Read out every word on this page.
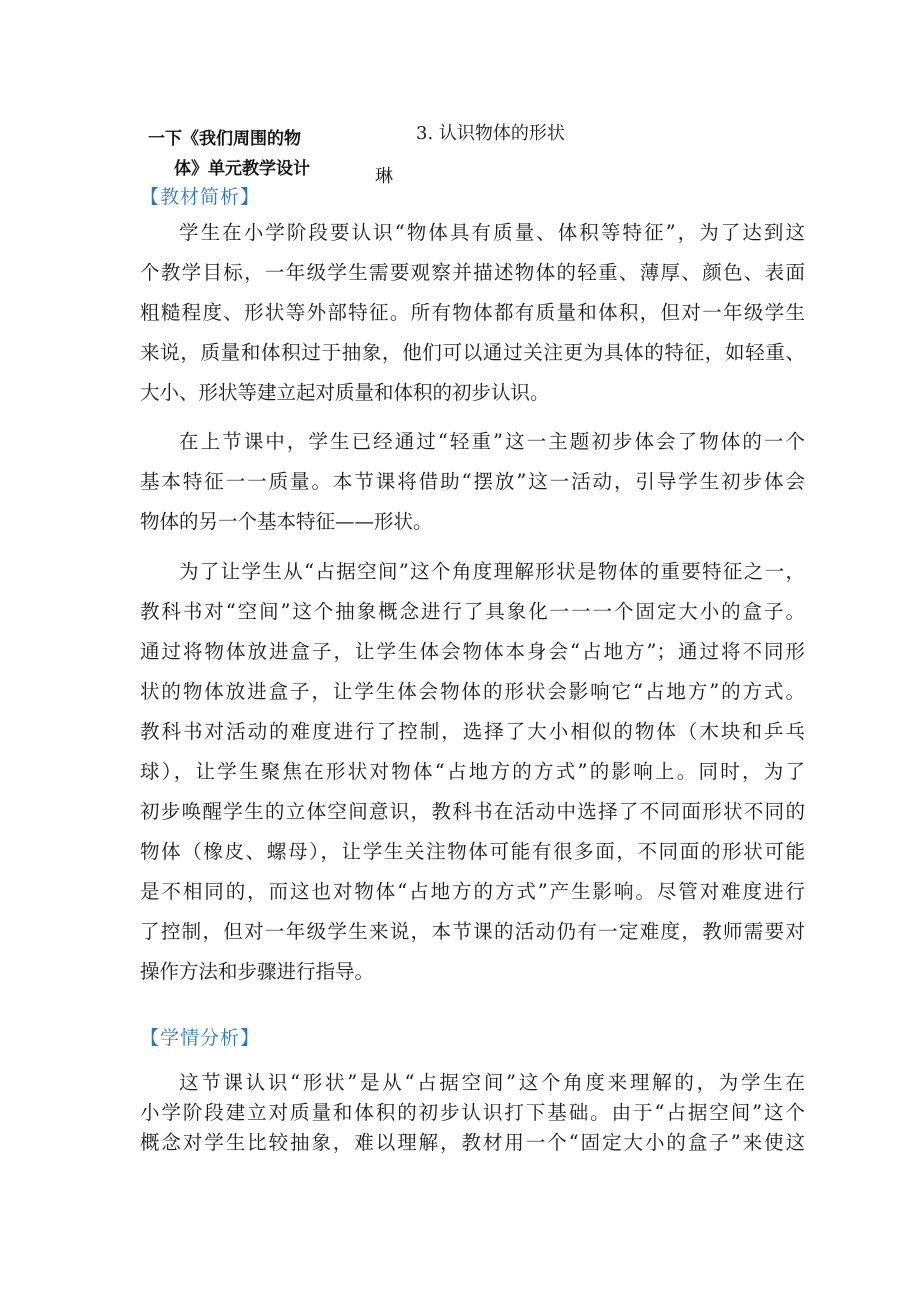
一下《我们周围的物
体》单元教学设计
3. 认识物体的形状
琳
【教材简析】
学生在小学阶段要认识“物体具有质量、体积等特征”，为了达到这
个教学目标，一年级学生需要观察并描述物体的轻重、薄厚、颜色、表面
粗糙程度、形状等外部特征。所有物体都有质量和体积，但对一年级学生
来说，质量和体积过于抽象，他们可以通过关注更为具体的特征，如轻重、
大小、形状等建立起对质量和体积的初步认识。
在上节课中，学生已经通过“轻重”这一主题初步体会了物体的一个
基本特征一一质量。本节课将借助“摆放”这一活动，引导学生初步体会
物体的另一个基本特征——形状。
为了让学生从“占据空间”这个角度理解形状是物体的重要特征之一，
教科书对“空间”这个抽象概念进行了具象化一一一个固定大小的盒子。
通过将物体放进盒子，让学生体会物体本身会“占地方”；通过将不同形
状的物体放进盒子，让学生体会物体的形状会影响它“占地方”的方式。
教科书对活动的难度进行了控制，选择了大小相似的物体（木块和乒乓
球），让学生聚焦在形状对物体“占地方的方式”的影响上。同时，为了
初步唤醒学生的立体空间意识，教科书在活动中选择了不同面形状不同的
物体（橡皮、螺母），让学生关注物体可能有很多面，不同面的形状可能
是不相同的，而这也对物体“占地方的方式”产生影响。尽管对难度进行
了控制，但对一年级学生来说，本节课的活动仍有一定难度，教师需要对
操作方法和步骤进行指导。
【学情分析】
这节课认识“形状”是从“占据空间”这个角度来理解的，为学生在
小学阶段建立对质量和体积的初步认识打下基础。由于“占据空间”这个
概念对学生比较抽象，难以理解，教材用一个“固定大小的盒子”来使这
